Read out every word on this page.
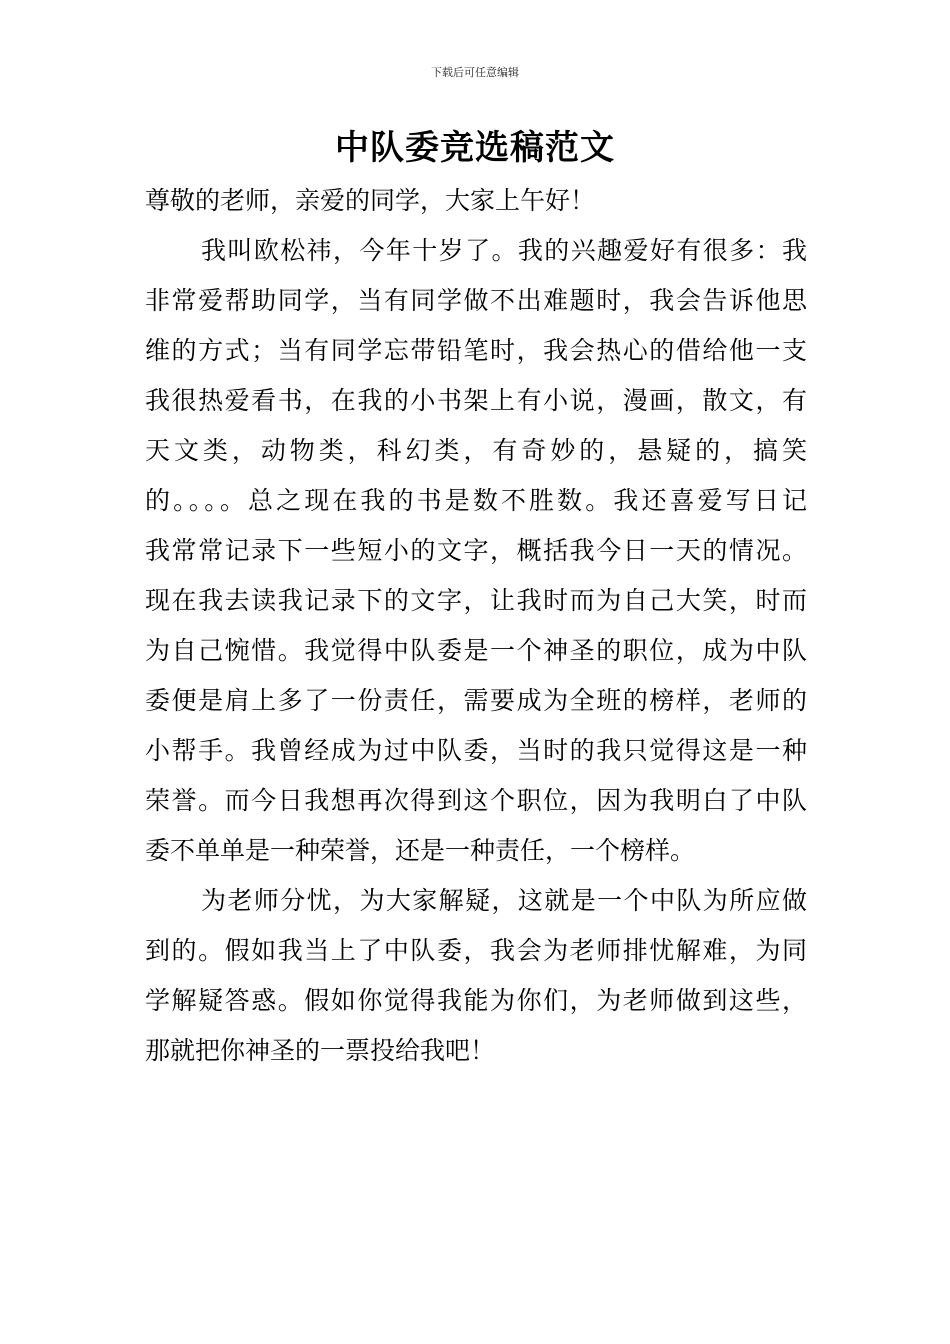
下载后可任意编辑
中队委竞选稿范文
尊敬的老师，亲爱的同学，大家上午好！
我叫欧松祎，今年十岁了。我的兴趣爱好有很多：我
非常爱帮助同学，当有同学做不出难题时，我会告诉他思
维的方式；当有同学忘带铅笔时，我会热心的借给他一支
我很热爱看书，在我的小书架上有小说，漫画，散文，有
天文类，动物类，科幻类，有奇妙的，悬疑的，搞笑
的。。。。总之现在我的书是数不胜数。我还喜爱写日记
我常常记录下一些短小的文字，概括我今日一天的情况。
现在我去读我记录下的文字，让我时而为自己大笑，时而
为自己惋惜。我觉得中队委是一个神圣的职位，成为中队
委便是肩上多了一份责任，需要成为全班的榜样，老师的
小帮手。我曾经成为过中队委，当时的我只觉得这是一种
荣誉。而今日我想再次得到这个职位，因为我明白了中队
委不单单是一种荣誉，还是一种责任，一个榜样。
为老师分忧，为大家解疑，这就是一个中队为所应做
到的。假如我当上了中队委，我会为老师排忧解难，为同
学解疑答惑。假如你觉得我能为你们，为老师做到这些，
那就把你神圣的一票投给我吧！
